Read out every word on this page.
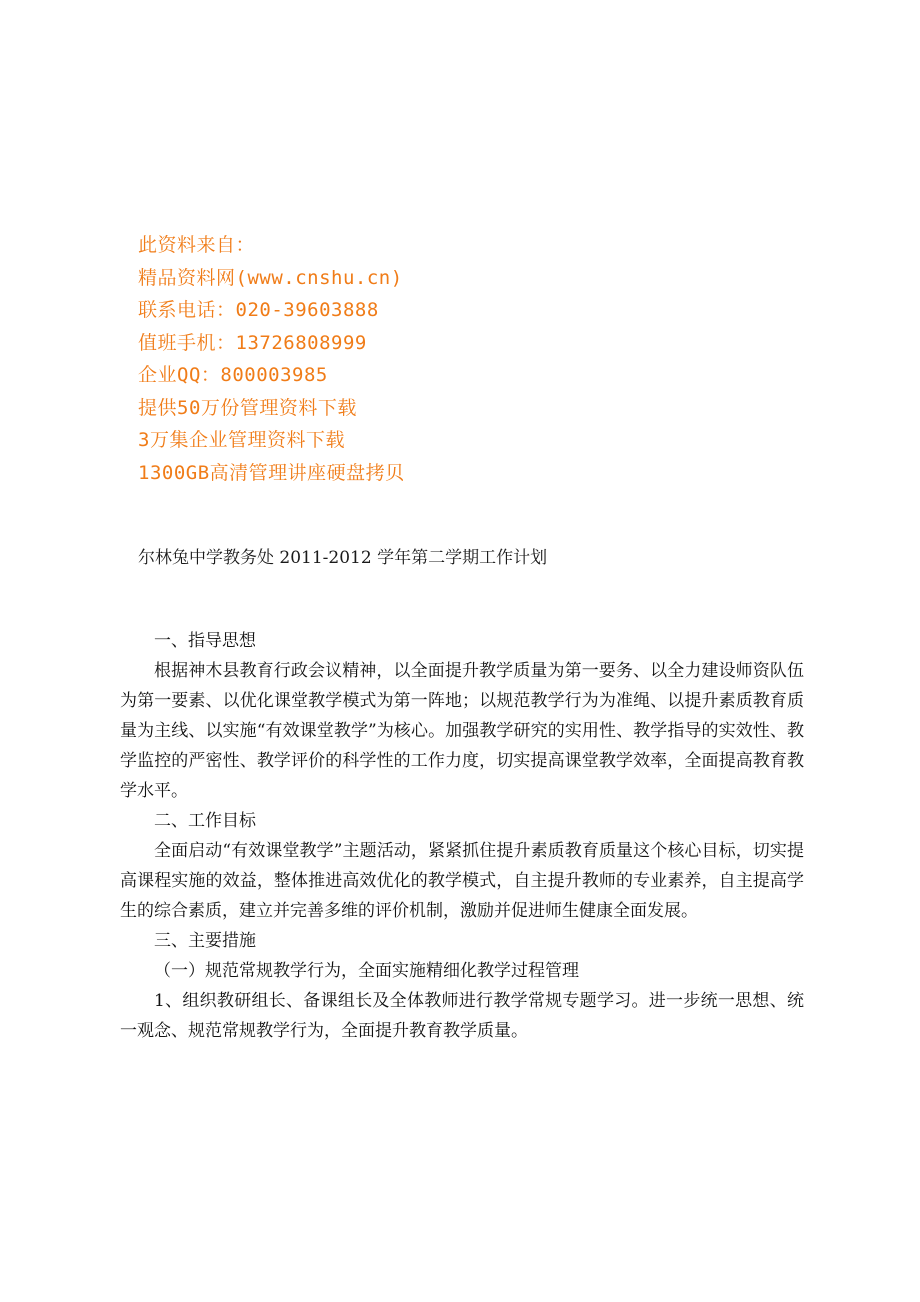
此资料来自：
精品资料网(www.cnshu.cn)
联系电话：020-39603888
值班手机：13726808999
企业QQ：800003985
提供50万份管理资料下载
3万集企业管理资料下载
1300GB高清管理讲座硬盘拷贝
尔林兔中学教务处 2011-2012 学年第二学期工作计划

一、指导思想

根据神木县教育行政会议精神，以全面提升教学质量为第一要务、以全力建设师资队伍为第一要素、以优化课堂教学模式为第一阵地；以规范教学行为为准绳、以提升素质教育质量为主线、以实施“有效课堂教学”为核心。加强教学研究的实用性、教学指导的实效性、教学监控的严密性、教学评价的科学性的工作力度，切实提高课堂教学效率，全面提高教育教学水平。

二、工作目标

全面启动“有效课堂教学”主题活动，紧紧抓住提升素质教育质量这个核心目标，切实提高课程实施的效益，整体推进高效优化的教学模式，自主提升教师的专业素养，自主提高学生的综合素质，建立并完善多维的评价机制，激励并促进师生健康全面发展。

三、主要措施

（一）规范常规教学行为，全面实施精细化教学过程管理

1、组织教研组长、备课组长及全体教师进行教学常规专题学习。进一步统一思想、统一观念、规范常规教学行为，全面提升教育教学质量。
